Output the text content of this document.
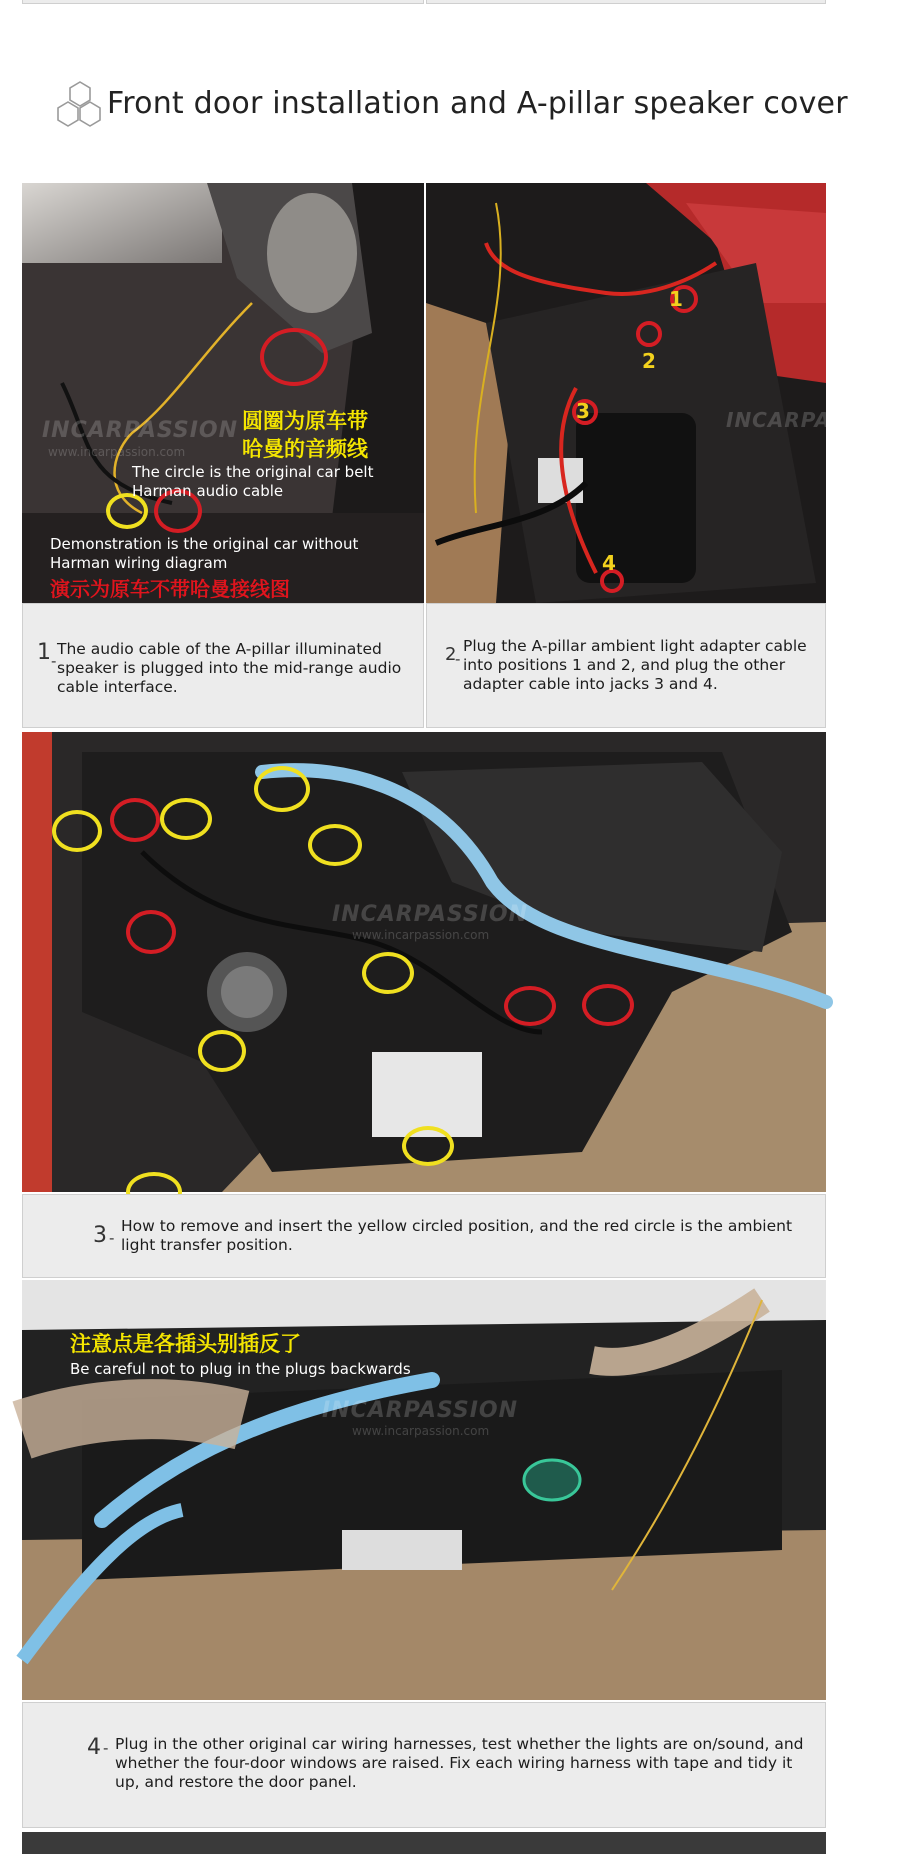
Front door installation and A-pillar speaker cover
INCARPASSION
www.incarpassion.com
圆圈为原车带
哈曼的音频线
The circle is the original car belt Harman audio cable
Demonstration is the original car without Harman wiring diagram
演示为原车不带哈曼接线图
1
2
3
4
INCARPASSION
1 -
The audio cable of the A-pillar illuminated speaker is plugged into the mid-range audio cable interface.
2
-
Plug the A-pillar ambient light adapter cable into positions 1 and 2, and plug the other adapter cable into jacks 3 and 4.
INCARPASSION
www.incarpassion.com
3 -
How to remove and insert the yellow circled position, and the red circle is the ambient light transfer position.
注意点是各插头别插反了
Be careful not to plug in the plugs backwards
INCARPASSION
www.incarpassion.com
4 - Plug in the other original car wiring harnesses, test whether the lights are on/sound, and whether the four-door windows are raised. Fix each wiring harness with tape and tidy it up, and restore the door panel.
